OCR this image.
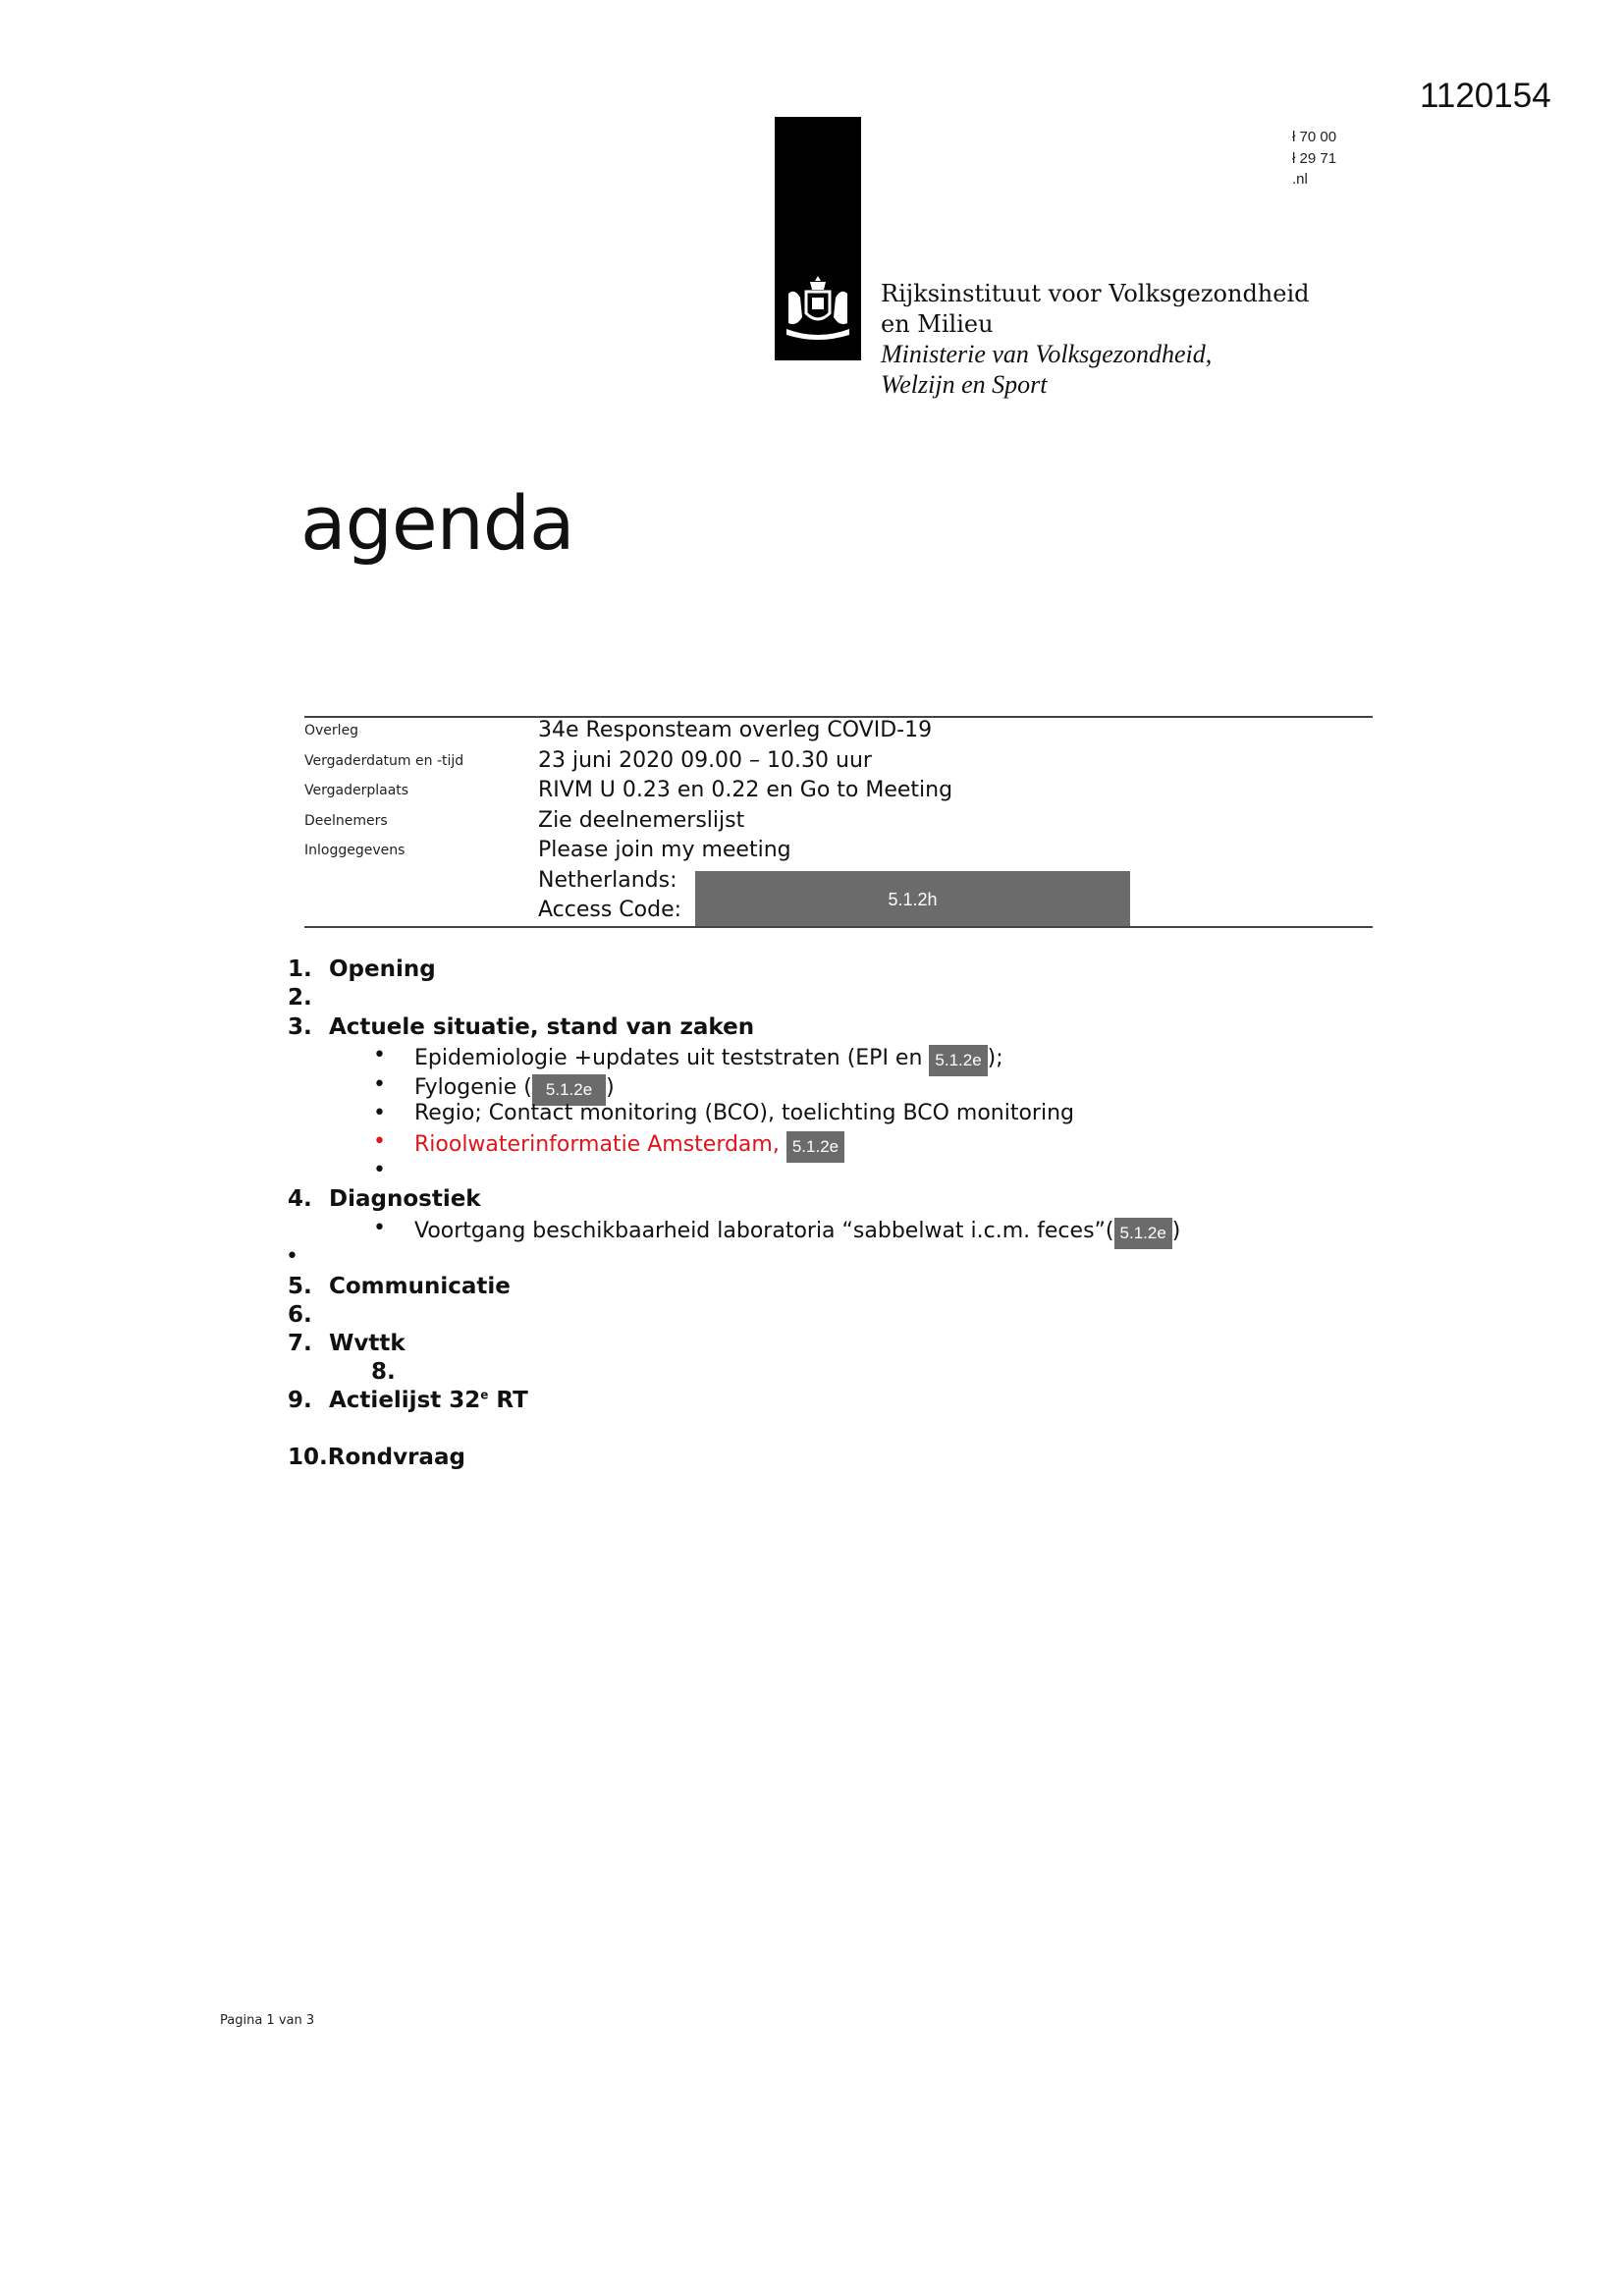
1120154
ł 70 00
ł 29 71
.nl
Rijksinstituut voor Volksgezondheid
en Milieu
Ministerie van Volksgezondheid,
Welzijn en Sport
agenda
Overleg	34e Responsteam overleg COVID-19
Vergaderdatum en -tijd	23 juni 2020 09.00 – 10.30 uur
Vergaderplaats	RIVM U 0.23 en 0.22 en Go to Meeting
Deelnemers	Zie deelnemerslijst
Inloggegevens	Please join my meeting
Netherlands:
Access Code:	5.1.2h
1. Opening
2.
3. Actuele situatie, stand van zaken
• Epidemiologie +updates uit teststraten (EPI en 5.1.2e );
• Fylogenie ( 5.1.2e )
• Regio; Contact monitoring (BCO), toelichting BCO monitoring
• Rioolwaterinformatie Amsterdam, 5.1.2e
•
4. Diagnostiek
• Voortgang beschikbaarheid laboratoria “sabbelwat i.c.m. feces”( 5.1.2e )
•
5. Communicatie
6.
7. Wvttk
8.
9. Actielijst 32e RT
10.Rondvraag
Pagina 1 van 3
